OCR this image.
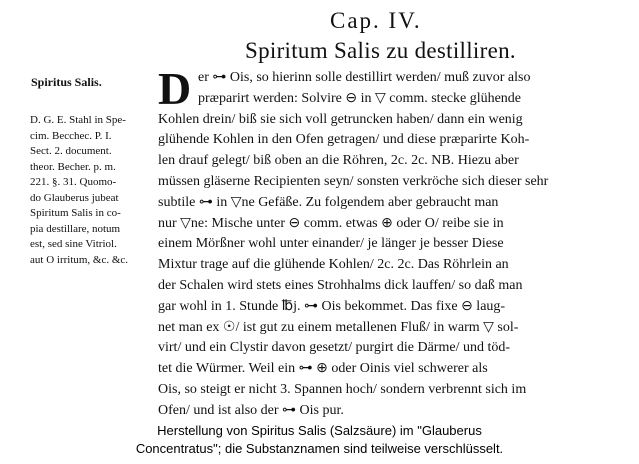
Cap. IV.
Spiritum Salis zu destilliren.
Spiritus Salis.
D. G. E. Stahl in Spe-
cim. Becchec. P. I.
Sect. 2. document.
theor. Becher. p. m.
221. §. 31. Quomo-
do Glauberus jubeat
Spiritum Salis in co-
pia destillare, notum
est, sed sine Vitriol.
aut O irritum, &c. &c.
D er ⊶ Ois, so hierinn solle destillirt werden/ muß zuvor also
præparirt werden: Solvire ⊖ in ▽ comm. stecke glühende
Kohlen drein/ biß sie sich voll getruncken haben/ dann ein wenig
glühende Kohlen in den Ofen getragen/ und diese præparirte Koh-
len drauf gelegt/ biß oben an die Röhren, 2c. 2c. NB. Hiezu aber
müssen gläserne Recipienten seyn/ sonsten verkröche sich dieser sehr
subtile ⊶ in ▽ne Gefäße. Zu folgendem aber gebraucht man
nur ▽ne: Mische unter ⊖ comm. etwas ⊕ oder O/ reibe sie in
einem Mörßner wohl unter einander/ je länger je besser Diese
Mixtur trage auf die glühende Kohlen/ 2c. 2c. Das Röhrlein an
der Schalen wird stets eines Strohhalms dick lauffen/ so daß man
gar wohl in 1. Stunde ℔j. ⊶ Ois bekommet. Das fixe ⊖ laug-
net man ex ☉/ ist gut zu einem metallenen Fluß/ in warm ▽ sol-
virt/ und ein Clystir davon gesetzt/ purgirt die Därme/ und töd-
tet die Würmer. Weil ein ⊶ ⊕ oder Oinis viel schwerer als
Ois, so steigt er nicht 3. Spannen hoch/ sondern verbrennt sich im
Ofen/ und ist also der ⊶ Ois pur.
Herstellung von Spiritus Salis (Salzsäure) im "Glauberus
Concentratus"; die Substanznamen sind teilweise verschlüsselt.
